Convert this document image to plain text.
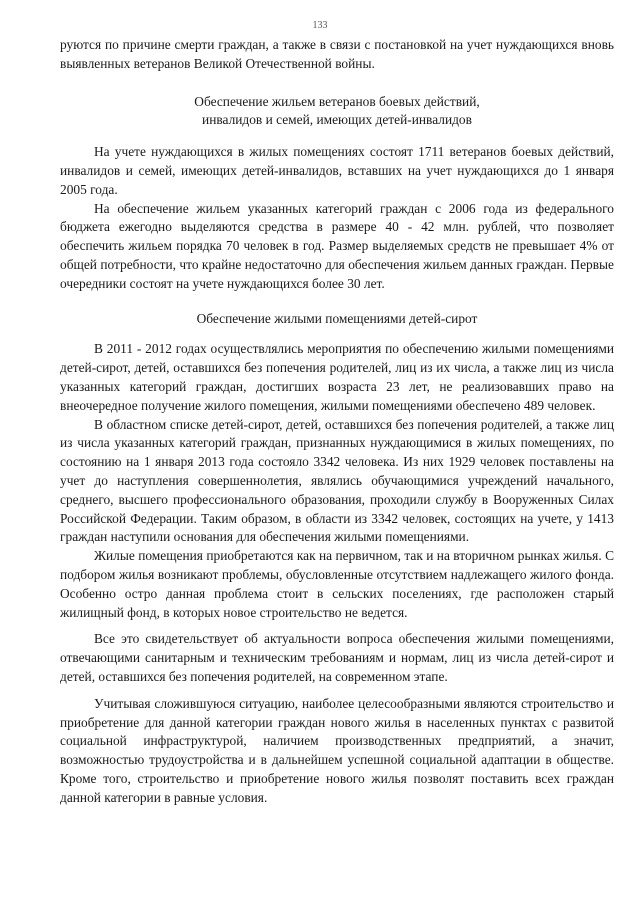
133

руются по причине смерти граждан, а также в связи с постановкой на учет нуждающихся вновь выявленных ветеранов Великой Отечественной войны.

Обеспечение жильем ветеранов боевых действий,
инвалидов и семей, имеющих детей-инвалидов

На учете нуждающихся в жилых помещениях состоят 1711 ветеранов боевых действий, инвалидов и семей, имеющих детей-инвалидов, вставших на учет нуждающихся до 1 января 2005 года.

На обеспечение жильем указанных категорий граждан с 2006 года из федерального бюджета ежегодно выделяются средства в размере 40 - 42 млн. рублей, что позволяет обеспечить жильем порядка 70 человек в год. Размер выделяемых средств не превышает 4% от общей потребности, что крайне недостаточно для обеспечения жильем данных граждан. Первые очередники состоят на учете нуждающихся более 30 лет.

Обеспечение жилыми помещениями детей-сирот

В 2011 - 2012 годах осуществлялись мероприятия по обеспечению жилыми помещениями детей-сирот, детей, оставшихся без попечения родителей, лиц из их числа, а также лиц из числа указанных категорий граждан, достигших возраста 23 лет, не реализовавших право на внеочередное получение жилого помещения, жилыми помещениями обеспечено 489 человек.

В областном списке детей-сирот, детей, оставшихся без попечения родителей, а также лиц из числа указанных категорий граждан, признанных нуждающимися в жилых помещениях, по состоянию на 1 января 2013 года состояло 3342 человека. Из них 1929 человек поставлены на учет до наступления совершеннолетия, являлись обучающимися учреждений начального, среднего, высшего профессионального образования, проходили службу в Вооруженных Силах Российской Федерации. Таким образом, в области из 3342 человек, состоящих на учете, у 1413 граждан наступили основания для обеспечения жилыми помещениями.

Жилые помещения приобретаются как на первичном, так и на вторичном рынках жилья. С подбором жилья возникают проблемы, обусловленные отсутствием надлежащего жилого фонда. Особенно остро данная проблема стоит в сельских поселениях, где расположен старый жилищный фонд, в которых новое строительство не ведется.

Все это свидетельствует об актуальности вопроса обеспечения жилыми помещениями, отвечающими санитарным и техническим требованиям и нормам, лиц из числа детей-сирот и детей, оставшихся без попечения родителей, на современном этапе.

Учитывая сложившуюся ситуацию, наиболее целесообразными являются строительство и приобретение для данной категории граждан нового жилья в населенных пунктах с развитой социальной инфраструктурой, наличием производственных предприятий, а значит, возможностью трудоустройства и в дальнейшем успешной социальной адаптации в обществе. Кроме того, строительство и приобретение нового жилья позволят поставить всех граждан данной категории в равные условия.
